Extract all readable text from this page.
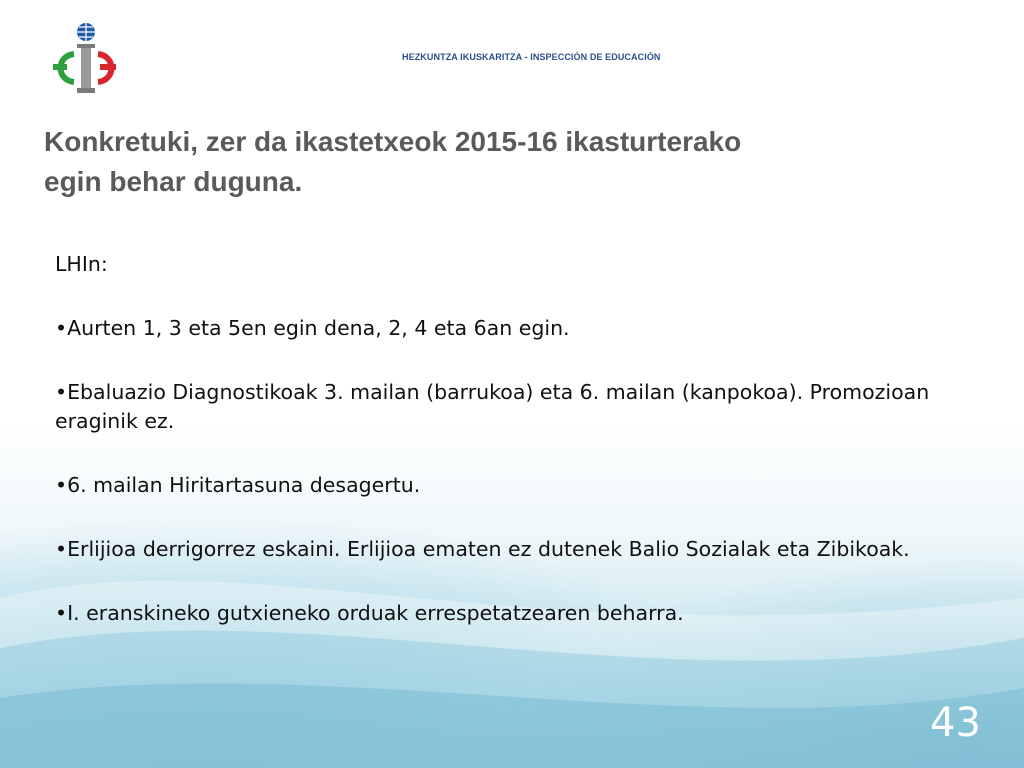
HEZKUNTZA IKUSKARITZA - INSPECCIÓN DE EDUCACIÓN
Konkretuki, zer da ikastetxeok 2015-16 ikasturterako
egin behar duguna.

LHIn:

•Aurten 1, 3 eta 5en egin dena, 2, 4 eta 6an egin.

•Ebaluazio Diagnostikoak 3. mailan (barrukoa) eta 6. mailan (kanpokoa). Promozioan eraginik ez.

•6. mailan Hiritartasuna desagertu.

•Erlijioa derrigorrez eskaini. Erlijioa ematen ez dutenek Balio Sozialak eta Zibikoak.

•I. eranskineko gutxieneko orduak errespetatzearen beharra.

43
